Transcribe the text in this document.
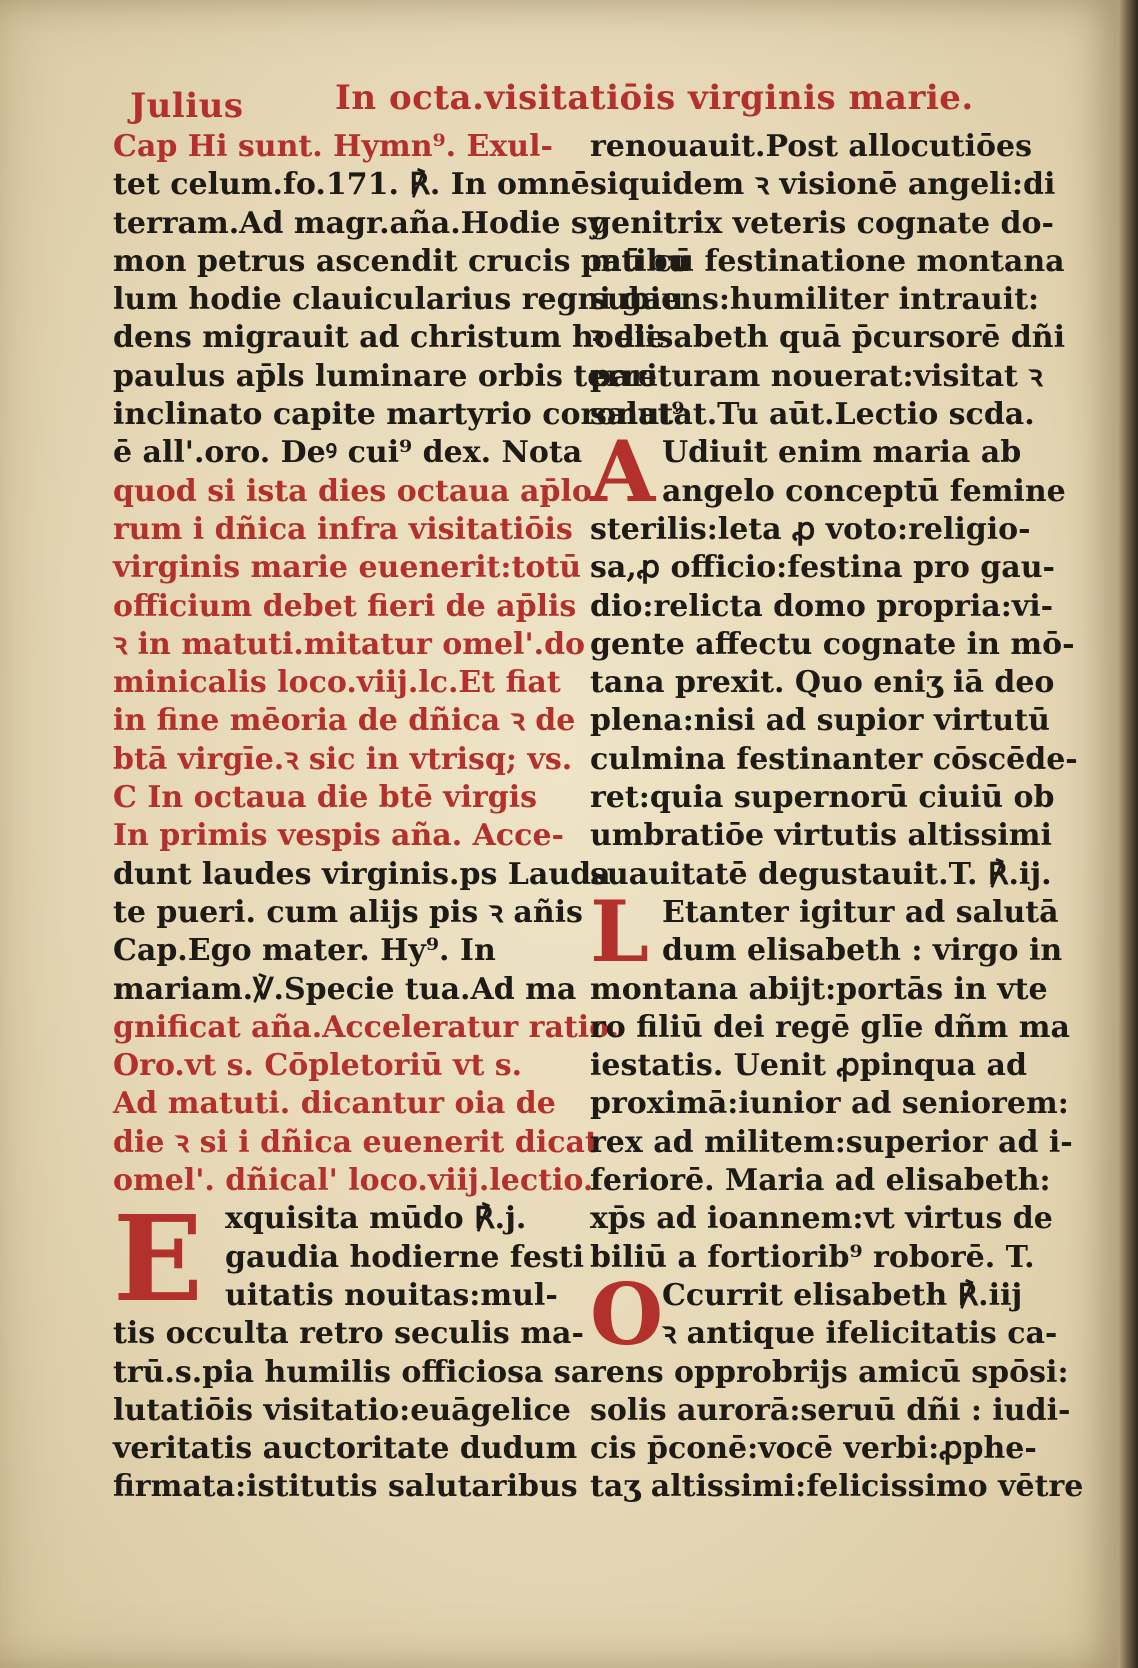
Julius	In octa.visitatiōis virginis marie.
Cap Hi sunt. Hymn⁹. Exul-
tet celum.fo.171. ℟. In omnē
terram.Ad magr.aña.Hodie sy
mon petrus ascendit crucis patibu
lum hodie clauicularius regni gau
dens migrauit ad christum hodie
paulus ap̄ls luminare orbis terre
inclinato capite martyrio coronat⁹
ē all'.oro. Deꝰ cui⁹ dex. Nota
quod si ista dies octaua ap̄lo
rum i dñica infra visitatiōis
virginis marie euenerit:totū
officium debet fieri de ap̄lis
ꝛ in matuti.mitatur omel'.do
minicalis loco.viij.lc.Et fiat
in fine mēoria de dñica ꝛ de
btā virgīe.ꝛ sic in vtrisq; vs.
C In octaua die btē virgis
In primis vespis aña. Acce-
dunt laudes virginis.ps Lauda
te pueri. cum alijs pis ꝛ añis
Cap.Ego mater. Hy⁹. In
mariam.℣.Specie tua.Ad ma
gnificat aña.Acceleratur ratio.
Oro.vt s. Cōpletoriū vt s.
Ad matuti. dicantur oia de
die ꝛ si i dñica euenerit dicat
omel'. dñical' loco.viij.lectio.
E xquisita mūdo ℟.j.
gaudia hodierne festi
uitatis nouitas:mul-
tis occulta retro seculis ma-
trū.s.pia humilis officiosa sa
lutatiōis visitatio:euāgelice
veritatis auctoritate dudum
firmata:istitutis salutaribus
renouauit.Post allocutiōes
siquidem ꝛ visionē angeli:di
genitrix veteris cognate do-
mū cū festinatione montana
subiens:humiliter intrauit:
ꝛ elisabeth quā p̄cursorē dñi
parituram nouerat:visitat ꝛ
salutat.Tu aūt.Lectio scda.
A Udiuit enim maria ab
angelo conceptū femine
sterilis:leta ꝓ voto:religio-
sa,ꝓ officio:festina pro gau-
dio:relicta domo propria:vi-
gente affectu cognate in mō-
tana prexit. Quo eniʒ iā deo
plena:nisi ad supior virtutū
culmina festinanter cōscēde-
ret:quia supernorū ciuiū ob
umbratiōe virtutis altissimi
suauitatē degustauit.T. ℟.ij.
L Etanter igitur ad salutā
dum elisabeth : virgo in
montana abijt:portās in vte
ro filiū dei regē glīe dñm ma
iestatis. Uenit ꝓpinqua ad
proximā:iunior ad seniorem:
rex ad militem:superior ad i-
feriorē. Maria ad elisabeth:
xp̄s ad ioannem:vt virtus de
biliū a fortiorib⁹ roborē. T.
O
Ccurrit elisabeth ℟.iij
ꝛ antique ifelicitatis ca-
rens opprobrijs amicū spōsi:
solis aurorā:seruū dñi : iudi-
cis p̄conē:vocē verbi:ꝓphe-
taʒ altissimi:felicissimo vētre
